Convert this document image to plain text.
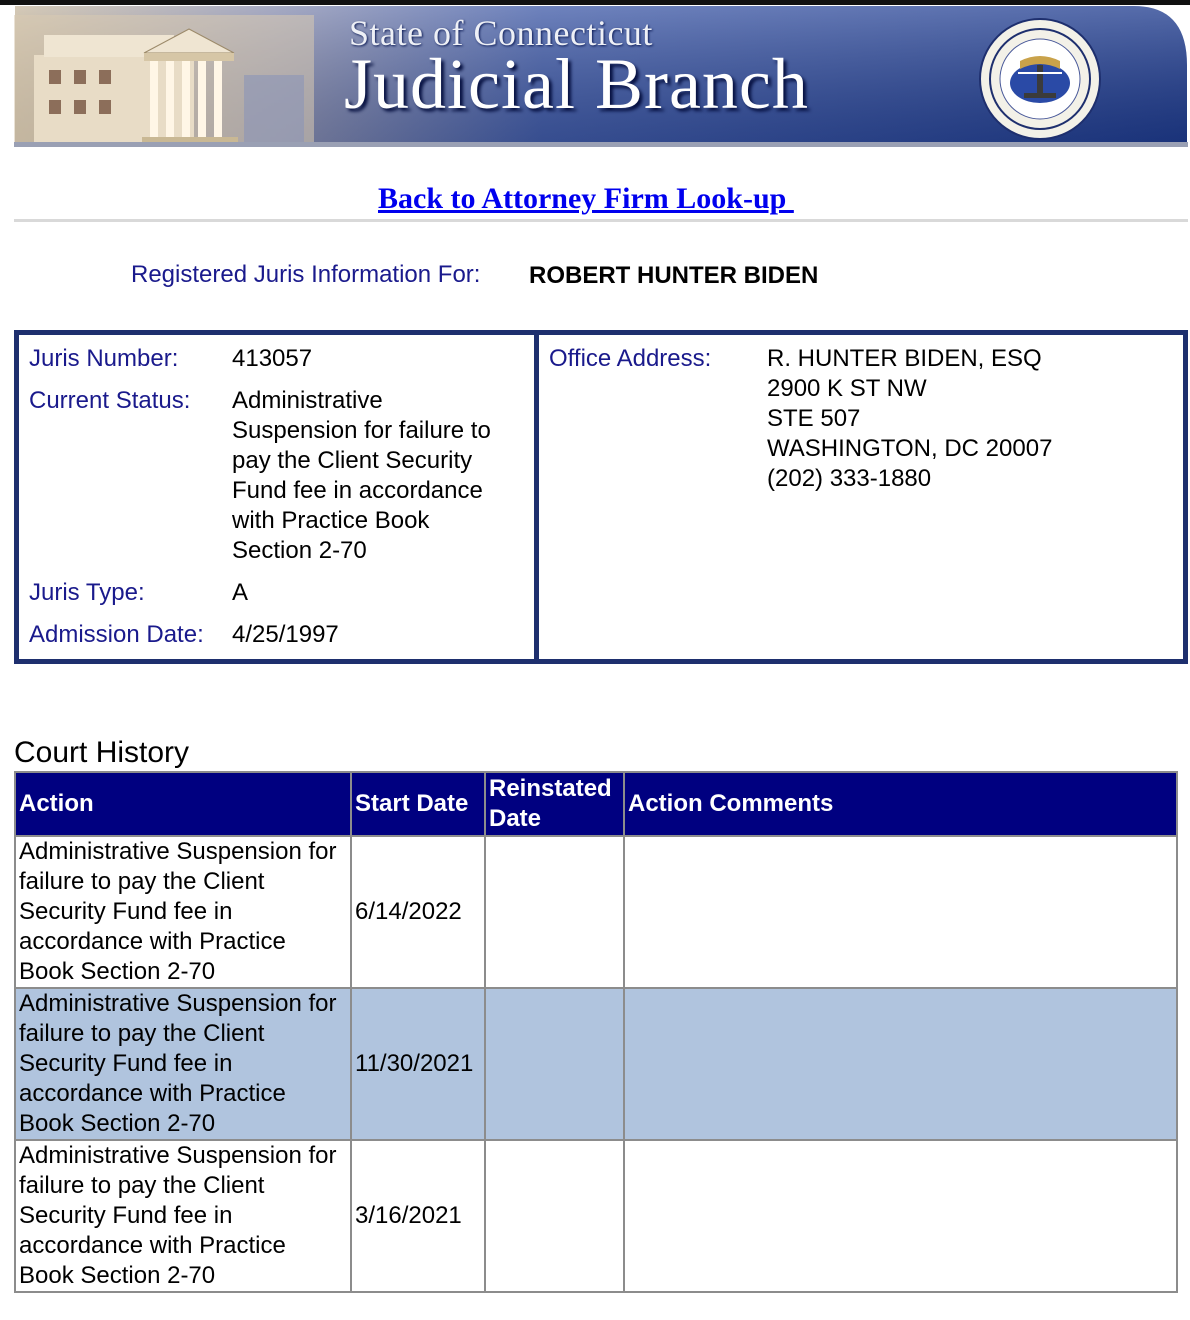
State of Connecticut
Judicial Branch
Back to Attorney Firm Look-up
Registered Juris Information For: ROBERT HUNTER BIDEN
Juris Number: 413057
Current Status: Administrative
Suspension for failure to
pay the Client Security
Fund fee in accordance
with Practice Book
Section 2-70
Juris Type:	A
Admission Date: 4/25/1997
Office Address: R. HUNTER BIDEN, ESQ
2900 K ST NW
STE 507
WASHINGTON, DC 20007
(202) 333-1880
Court History
Action	Start Date	Reinstated Date	Action Comments
Administrative Suspension for failure to pay the Client Security Fund fee in accordance with Practice Book Section 2-70	6/14/2022		
Administrative Suspension for failure to pay the Client Security Fund fee in accordance with Practice Book Section 2-70	11/30/2021		
Administrative Suspension for failure to pay the Client Security Fund fee in accordance with Practice Book Section 2-70	3/16/2021		
